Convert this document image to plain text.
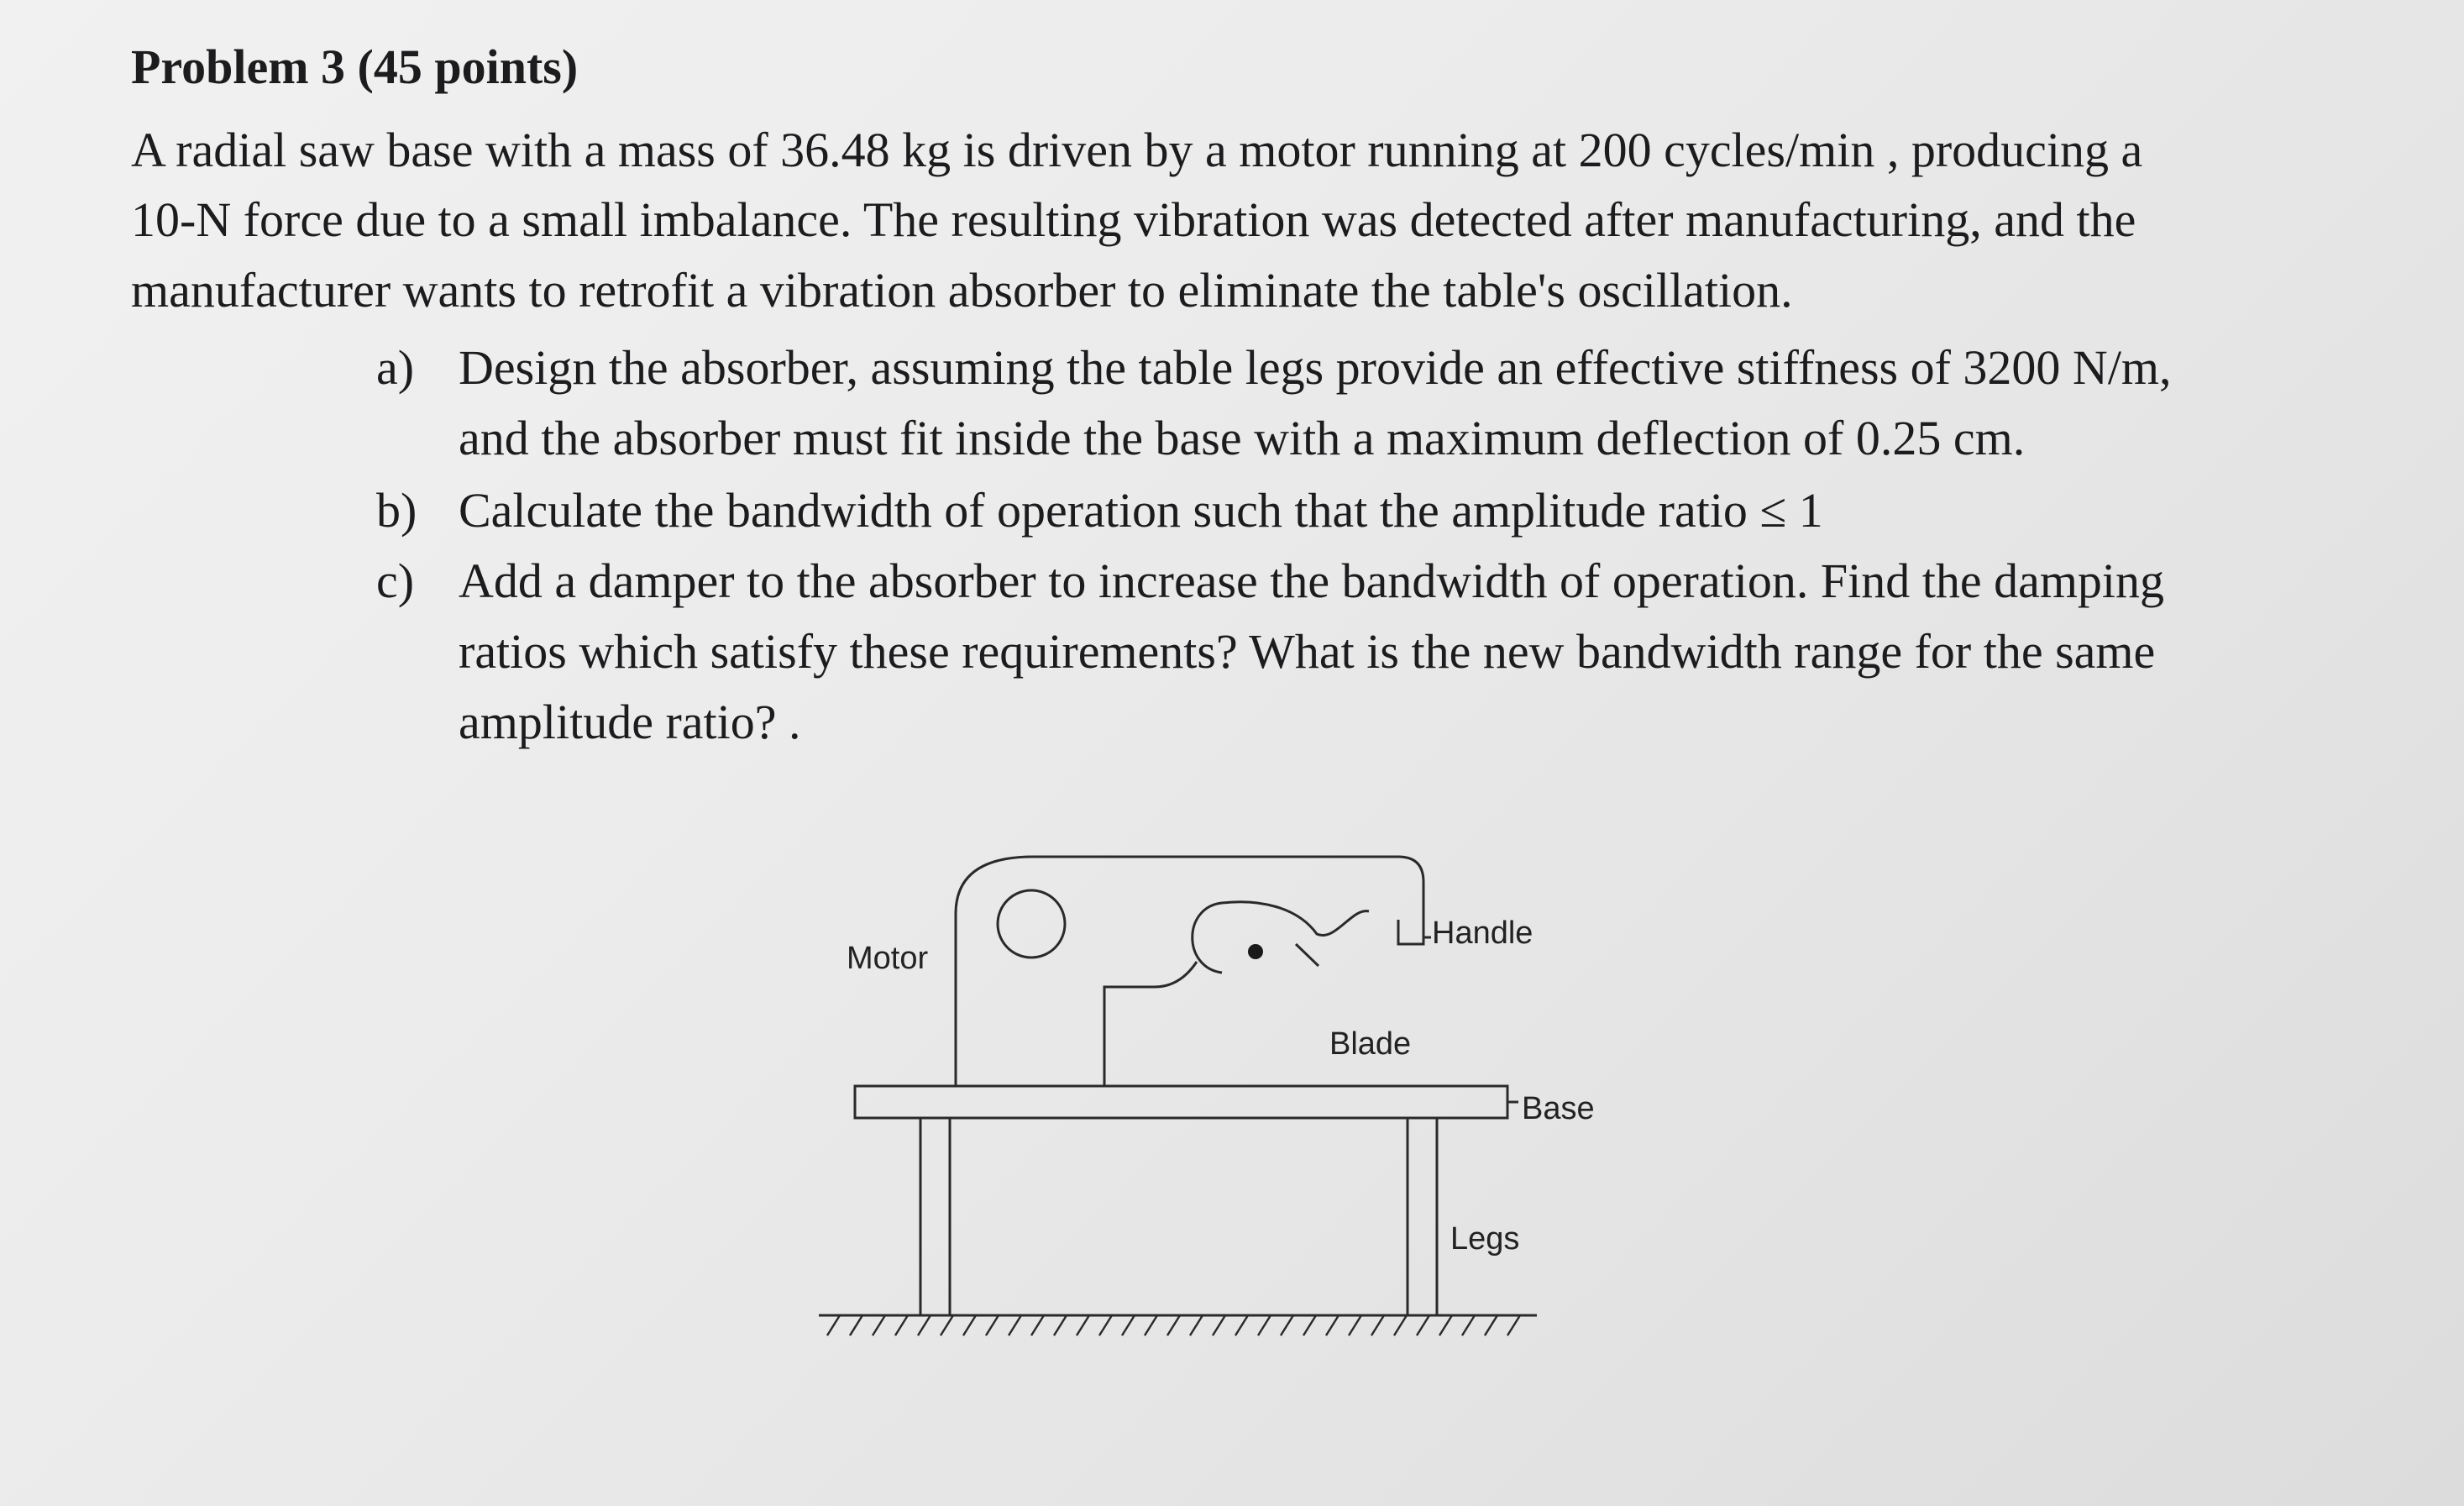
Problem 3 (45 points)
A radial saw base with a mass of 36.48 kg is driven by a motor running at 200 cycles/min , producing a
10-N force due to a small imbalance. The resulting vibration was detected after manufacturing, and the
manufacturer wants to retrofit a vibration absorber to eliminate the table's oscillation.
a) Design the absorber, assuming the table legs provide an effective stiffness of 3200 N/m,
and the absorber must fit inside the base with a maximum deflection of 0.25 cm.
b) Calculate the bandwidth of operation such that the amplitude ratio ≤ 1
c) Add a damper to the absorber to increase the bandwidth of operation. Find the damping
ratios which satisfy these requirements? What is the new bandwidth range for the same
amplitude ratio? .
Motor
Handle
Blade
Base
Legs
